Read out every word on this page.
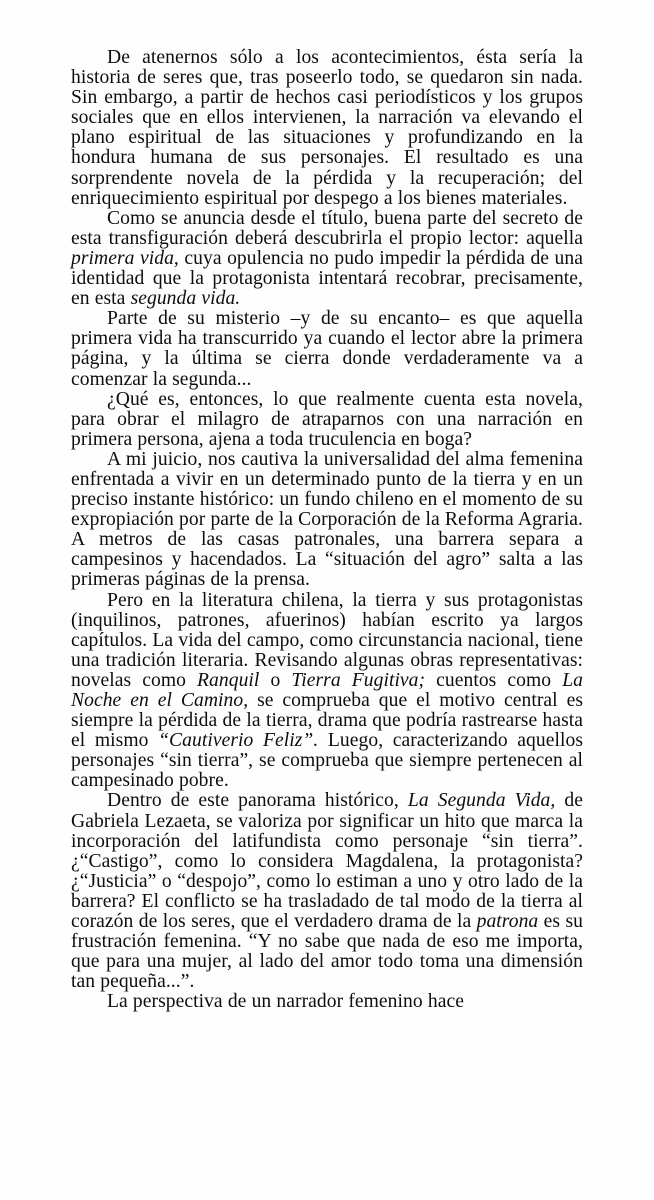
De atenernos sólo a los acontecimientos, ésta sería la historia de seres que, tras poseerlo todo, se quedaron sin nada. Sin embargo, a partir de hechos casi periodísticos y los grupos sociales que en ellos intervienen, la narración va elevando el plano espiritual de las situaciones y profundizando en la hondura humana de sus personajes. El resultado es una sorprendente novela de la pérdida y la recuperación; del enriquecimiento espiritual por despego a los bienes materiales.

Como se anuncia desde el título, buena parte del secreto de esta transfiguración deberá descubrirla el propio lector: aquella primera vida, cuya opulencia no pudo impedir la pérdida de una identidad que la protagonista intentará recobrar, precisamente, en esta segunda vida.

Parte de su misterio –y de su encanto– es que aquella primera vida ha transcurrido ya cuando el lector abre la primera página, y la última se cierra donde verdaderamente va a comenzar la segunda...

¿Qué es, entonces, lo que realmente cuenta esta novela, para obrar el milagro de atraparnos con una narración en primera persona, ajena a toda truculencia en boga?

A mi juicio, nos cautiva la universalidad del alma femenina enfrentada a vivir en un determinado punto de la tierra y en un preciso instante histórico: un fundo chileno en el momento de su expropiación por parte de la Corporación de la Reforma Agraria. A metros de las casas patronales, una barrera separa a campesinos y hacendados. La “situación del agro” salta a las primeras páginas de la prensa.

Pero en la literatura chilena, la tierra y sus protagonistas (inquilinos, patrones, afuerinos) habían escrito ya largos capítulos. La vida del campo, como circunstancia nacional, tiene una tradición literaria. Revisando algunas obras representativas: novelas como Ranquil o Tierra Fugitiva; cuentos como La Noche en el Camino, se comprueba que el motivo central es siempre la pérdida de la tierra, drama que podría rastrearse hasta el mismo “Cautiverio Feliz”. Luego, caracterizando aquellos personajes “sin tierra”, se comprueba que siempre pertenecen al campesinado pobre.

Dentro de este panorama histórico, La Segunda Vida, de Gabriela Lezaeta, se valoriza por significar un hito que marca la incorporación del latifundista como personaje “sin tierra”. ¿“Castigo”, como lo considera Magdalena, la protagonista? ¿“Justicia” o “despojo”, como lo estiman a uno y otro lado de la barrera? El conflicto se ha trasladado de tal modo de la tierra al corazón de los seres, que el verdadero drama de la patrona es su frustración femenina. “Y no sabe que nada de eso me importa, que para una mujer, al lado del amor todo toma una dimensión tan pequeña...”.

La perspectiva de un narrador femenino hace
